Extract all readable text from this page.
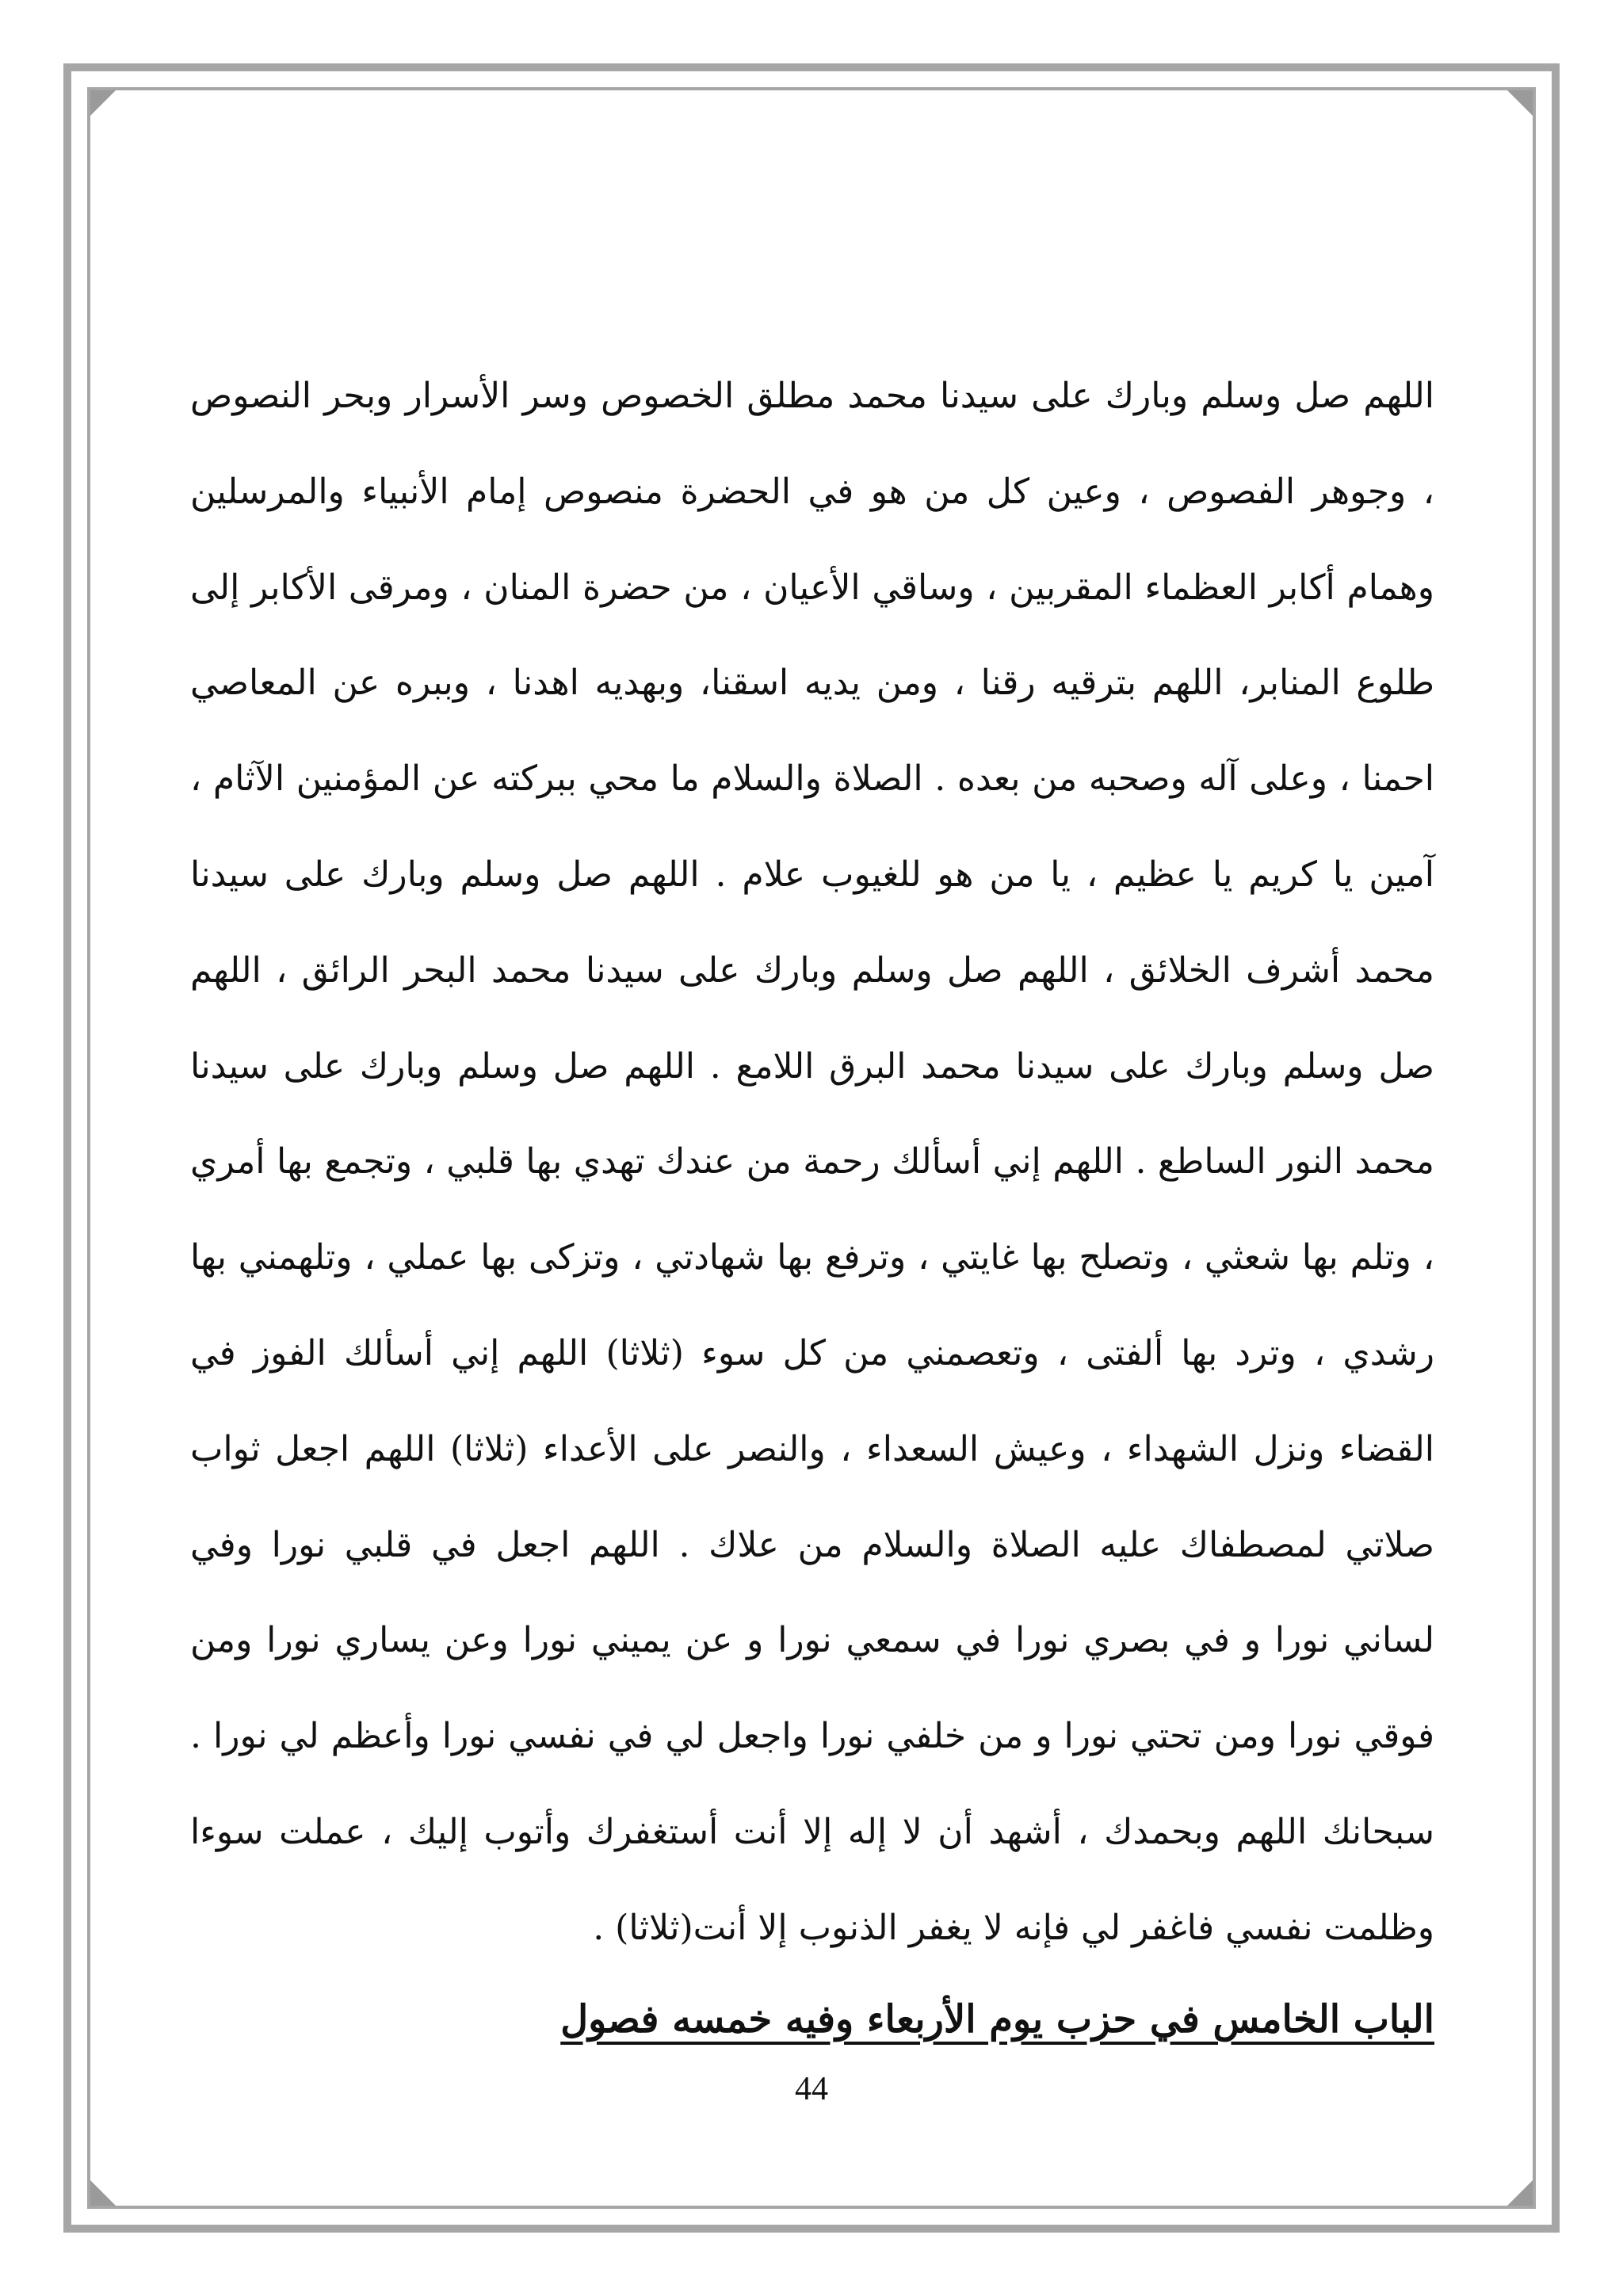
اللهم صل وسلم وبارك على سيدنا محمد مطلق الخصوص وسر الأسرار وبحر النصوص ، وجوهر الفصوص ، وعين كل من هو في الحضرة منصوص إمام الأنبياء والمرسلين وهمام أكابر العظماء المقربين ، وساقي الأعيان ، من حضرة المنان ، ومرقى الأكابر إلى طلوع المنابر، اللهم بترقيه رقنا ، ومن يديه اسقنا، وبهديه اهدنا ، وببره عن المعاصي احمنا ، وعلى آله وصحبه من بعده . الصلاة والسلام ما محي ببركته عن المؤمنين الآثام ، آمين يا كريم يا عظيم ، يا من هو للغيوب علام . اللهم صل وسلم وبارك على سيدنا محمد أشرف الخلائق ، اللهم صل وسلم وبارك على سيدنا محمد البحر الرائق ، اللهم صل وسلم وبارك على سيدنا محمد البرق اللامع . اللهم صل وسلم وبارك على سيدنا محمد النور الساطع . اللهم إني أسألك رحمة من عندك تهدي بها قلبي ، وتجمع بها أمري ، وتلم بها شعثي ، وتصلح بها غايتي ، وترفع بها شهادتي ، وتزكى بها عملي ، وتلهمني بها رشدي ، وترد بها ألفتى ، وتعصمني من كل سوء (ثلاثا) اللهم إني أسألك الفوز في القضاء ونزل الشهداء ، وعيش السعداء ، والنصر على الأعداء (ثلاثا) اللهم اجعل ثواب صلاتي لمصطفاك عليه الصلاة والسلام من علاك . اللهم اجعل في قلبي نورا وفي لساني نورا و في بصري نورا في سمعي نورا و عن يميني نورا وعن يساري نورا ومن فوقي نورا ومن تحتي نورا و من خلفي نورا واجعل لي في نفسي نورا وأعظم لي نورا . سبحانك اللهم وبحمدك ، أشهد أن لا إله إلا أنت أستغفرك وأتوب إليك ، عملت سوءا وظلمت نفسي فاغفر لي فإنه لا يغفر الذنوب إلا أنت(ثلاثا) .

الباب الخامس في حزب يوم الأربعاء وفيه خمسه فصول
44
